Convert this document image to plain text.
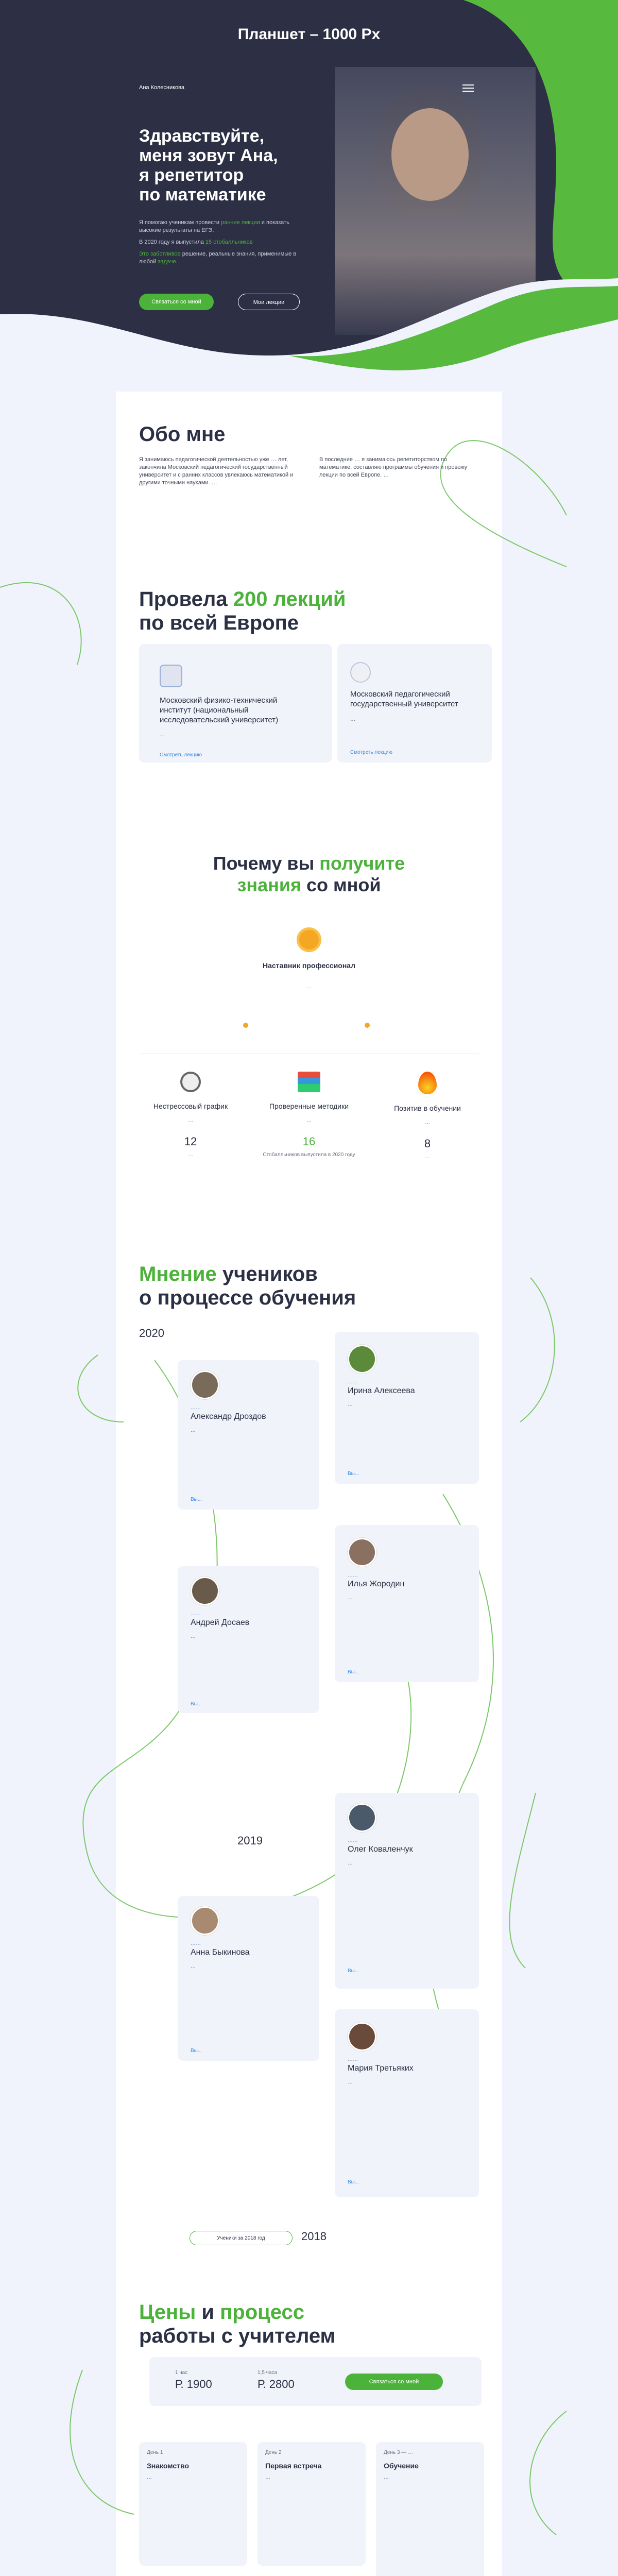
Планшет – 1000 Px
Ана Колесникова
Здравствуйте,
меня зовут Ана,
я репетитор
по математике

Я помогаю ученикам провести ранние лекции и показать высокие результаты на ЕГЭ.

В 2020 году я выпустила 15 стобалльников

Это заботливое решение, реальные знания, применимые в любой задаче.

Связаться со мной	Мои лекции
Обо мне
Я занимаюсь педагогической деятельностью уже … лет, закончила Московский педагогический государственный университет и с ранних классов увлекаюсь математикой и другими точными науками. …
В последние … я занимаюсь репетиторством по математике, составляю программы обучения и провожу лекции по всей Европе. …
Провела 200 лекций
по всей Европе
Московский физико-технический институт (национальный исследовательский университет)
…
Смотреть лекцию
Московский педагогический государственный университет
…
Смотреть лекцию
Почему вы получите
знания со мной
Наставник профессионал
…
Нестрессовый график
…
12
…
Проверенные методики
…
16
Стобалльников выпустила в 2020 году
Позитив в обучении
…
8
…
Мнение учеников
о процессе обучения
2020
……
Ирина Алексеева
…
Вы...
……
Александр Дроздов
…
Вы...
……
Илья Жородин
…
Вы...
……
Андрей Досаев
…
Вы...
2019	……
Олег Коваленчук
…
Вы...
……
Анна Быкинова
…
Вы...
……
Мария Третьяких
…
Вы...
Ученики за 2018 год	2018
Цены и процесс
работы с учителем
1 час
Р. 1900
1,5 часа
Р. 2800	Связаться со мной
День 1
Знакомство
…
День 2
Первая встреча
…
День 3 — …
Обучение
…
